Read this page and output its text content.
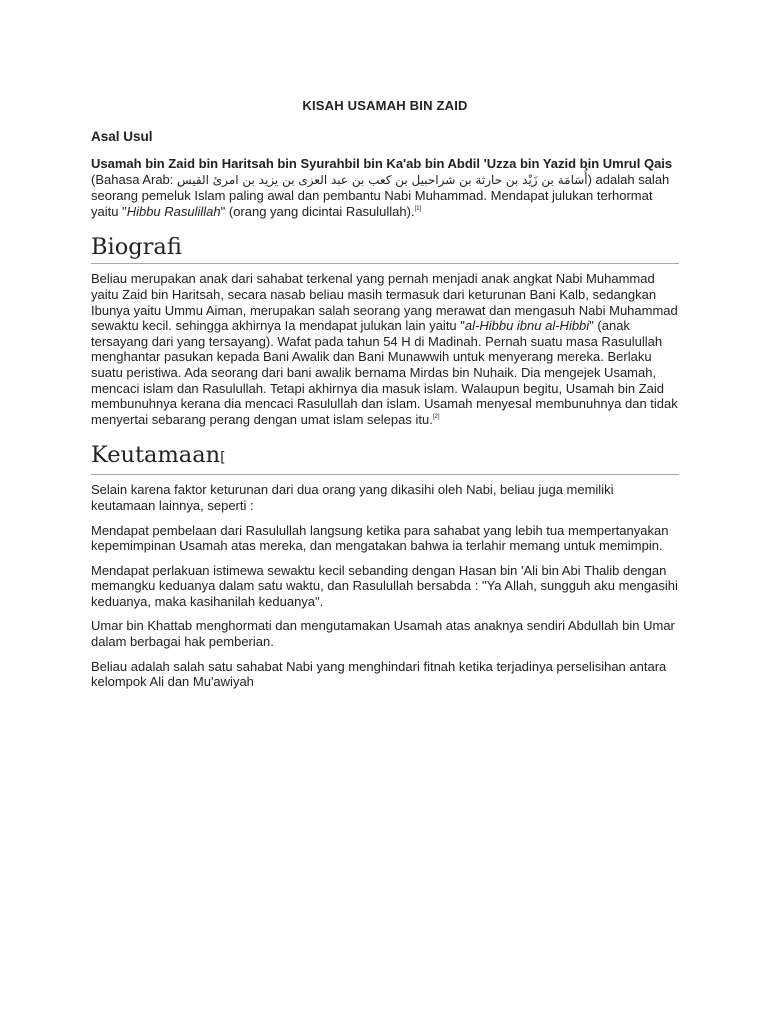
KISAH USAMAH BIN ZAID
Asal Usul

Usamah bin Zaid bin Haritsah bin Syurahbil bin Ka'ab bin Abdil 'Uzza bin Yazid bin Umrul Qais (Bahasa Arab: أُسَامَة بن زَيْد بن حارثة بن شراحبيل بن كعب بن عبد العزى بن يزيد بن امرئ القيس) adalah salah seorang pemeluk Islam paling awal dan pembantu Nabi Muhammad. Mendapat julukan terhormat yaitu "Hibbu Rasulillah" (orang yang dicintai Rasulullah).[1]

Biografi

Beliau merupakan anak dari sahabat terkenal yang pernah menjadi anak angkat Nabi Muhammad yaitu Zaid bin Haritsah, secara nasab beliau masih termasuk dari keturunan Bani Kalb, sedangkan Ibunya yaitu Ummu Aiman, merupakan salah seorang yang merawat dan mengasuh Nabi Muhammad sewaktu kecil. sehingga akhirnya Ia mendapat julukan lain yaitu "al-Hibbu ibnu al-Hibbi" (anak tersayang dari yang tersayang). Wafat pada tahun 54 H di Madinah. Pernah suatu masa Rasulullah menghantar pasukan kepada Bani Awalik dan Bani Munawwih untuk menyerang mereka. Berlaku suatu peristiwa. Ada seorang dari bani awalik bernama Mirdas bin Nuhaik. Dia mengejek Usamah, mencaci islam dan Rasulullah. Tetapi akhirnya dia masuk islam. Walaupun begitu, Usamah bin Zaid membunuhnya kerana dia mencaci Rasulullah dan islam. Usamah menyesal membunuhnya dan tidak menyertai sebarang perang dengan umat islam selepas itu.[2]

Keutamaan[

Selain karena faktor keturunan dari dua orang yang dikasihi oleh Nabi, beliau juga memiliki keutamaan lainnya, seperti :

Mendapat pembelaan dari Rasulullah langsung ketika para sahabat yang lebih tua mempertanyakan kepemimpinan Usamah atas mereka, dan mengatakan bahwa ia terlahir memang untuk memimpin.

Mendapat perlakuan istimewa sewaktu kecil sebanding dengan Hasan bin 'Ali bin Abi Thalib dengan memangku keduanya dalam satu waktu, dan Rasulullah bersabda : "Ya Allah, sungguh aku mengasihi keduanya, maka kasihanilah keduanya".

Umar bin Khattab menghormati dan mengutamakan Usamah atas anaknya sendiri Abdullah bin Umar dalam berbagai hak pemberian.

Beliau adalah salah satu sahabat Nabi yang menghindari fitnah ketika terjadinya perselisihan antara kelompok Ali dan Mu'awiyah
